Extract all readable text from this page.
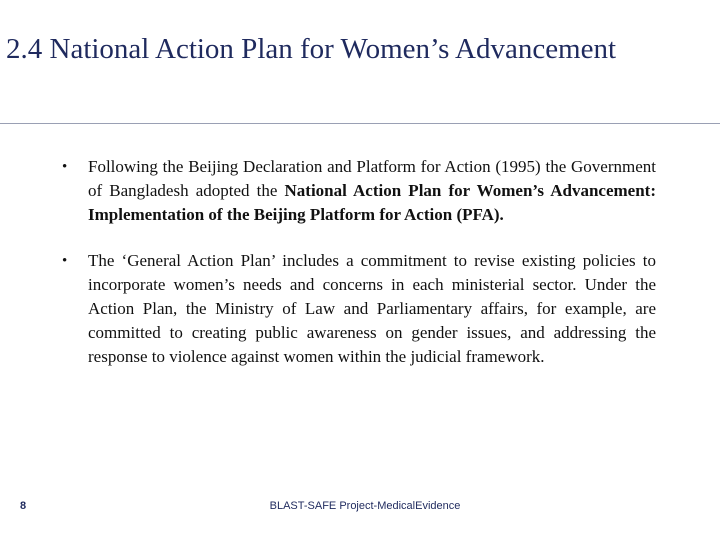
2.4 National Action Plan for Women’s Advancement
• Following the Beijing Declaration and Platform for Action (1995) the Government of Bangladesh adopted the National Action Plan for Women’s Advancement: Implementation of the Beijing Platform for Action (PFA).
• The ‘General Action Plan’ includes a commitment to revise existing policies to incorporate women’s needs and concerns in each ministerial sector. Under the Action Plan, the Ministry of Law and Parliamentary affairs, for example, are committed to creating public awareness on gender issues, and addressing the response to violence against women within the judicial framework.
8	BLAST-SAFE Project-MedicalEvidence
